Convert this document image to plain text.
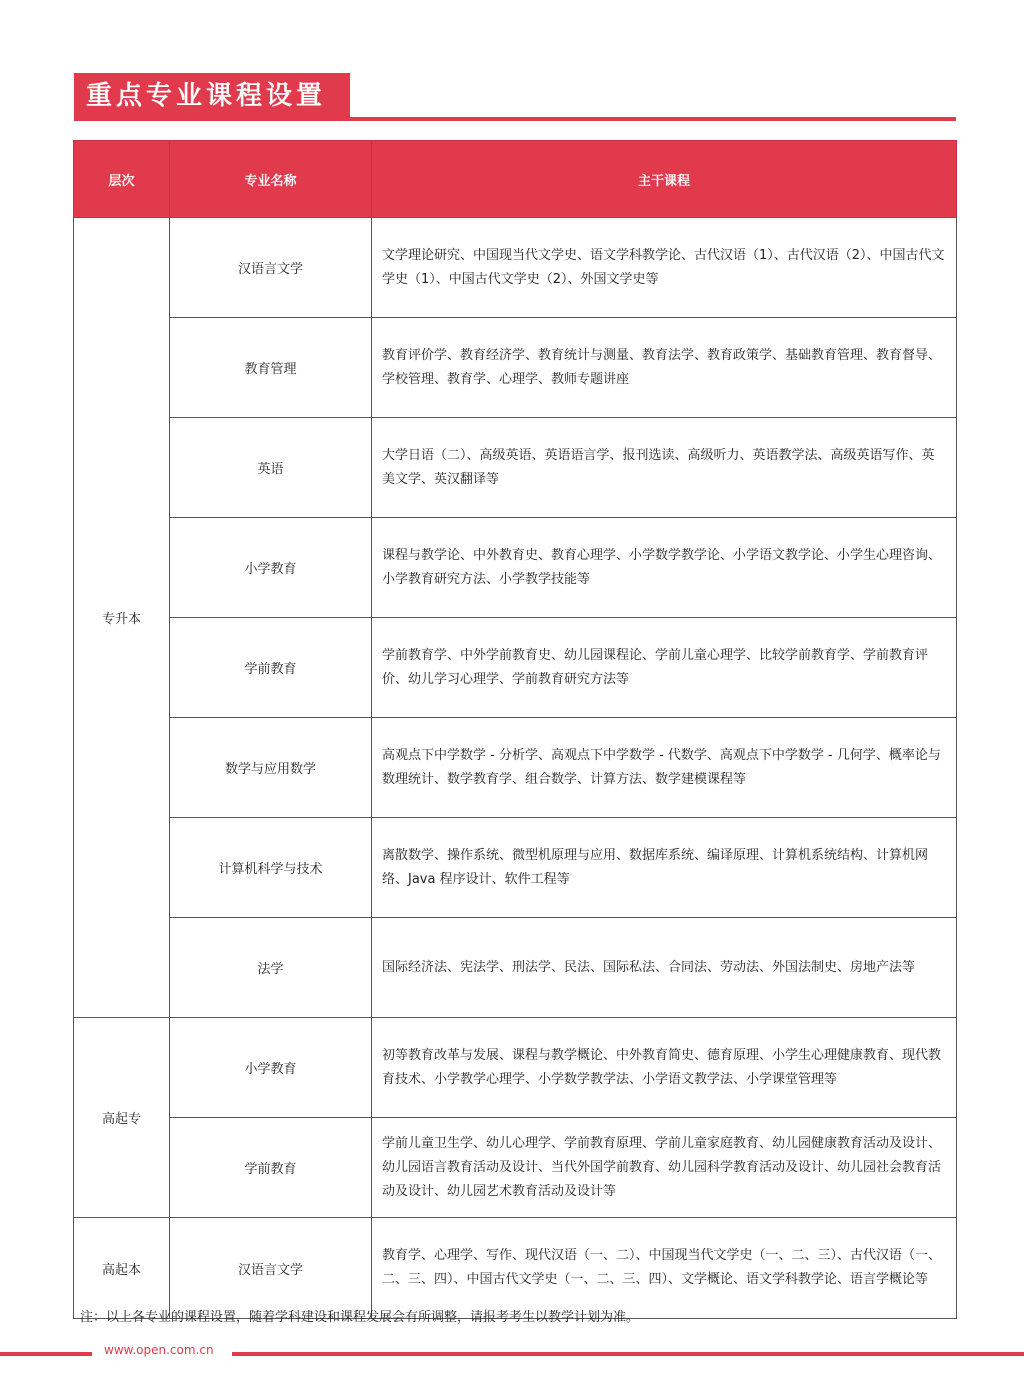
重点专业课程设置
层次	专业名称	主干课程
专升本	汉语言文学	文学理论研究、中国现当代文学史、语文学科教学论、古代汉语（1）、古代汉语（2）、中国古代文学史（1）、中国古代文学史（2）、外国文学史等
	教育管理	教育评价学、教育经济学、教育统计与测量、教育法学、教育政策学、基础教育管理、教育督导、学校管理、教育学、心理学、教师专题讲座
	英语	大学日语（二）、高级英语、英语语言学、报刊选读、高级听力、英语教学法、高级英语写作、英美文学、英汉翻译等
	小学教育	课程与教学论、中外教育史、教育心理学、小学数学教学论、小学语文教学论、小学生心理咨询、小学教育研究方法、小学教学技能等
	学前教育	学前教育学、中外学前教育史、幼儿园课程论、学前儿童心理学、比较学前教育学、学前教育评价、幼儿学习心理学、学前教育研究方法等
	数学与应用数学	高观点下中学数学 - 分析学、高观点下中学数学 - 代数学、高观点下中学数学 - 几何学、概率论与数理统计、数学教育学、组合数学、计算方法、数学建模课程等
	计算机科学与技术	离散数学、操作系统、微型机原理与应用、数据库系统、编译原理、计算机系统结构、计算机网络、Java 程序设计、软件工程等
	法学	国际经济法、宪法学、刑法学、民法、国际私法、合同法、劳动法、外国法制史、房地产法等
高起专	小学教育	初等教育改革与发展、课程与教学概论、中外教育简史、德育原理、小学生心理健康教育、现代教育技术、小学教学心理学、小学数学教学法、小学语文教学法、小学课堂管理等
	学前教育	学前儿童卫生学、幼儿心理学、学前教育原理、学前儿童家庭教育、幼儿园健康教育活动及设计、幼儿园语言教育活动及设计、当代外国学前教育、幼儿园科学教育活动及设计、幼儿园社会教育活动及设计、幼儿园艺术教育活动及设计等
高起本	汉语言文学	教育学、心理学、写作、现代汉语（一、二）、中国现当代文学史（一、二、三）、古代汉语（一、二、三、四）、中国古代文学史（一、二、三、四）、文学概论、语文学科教学论、语言学概论等
注：以上各专业的课程设置，随着学科建设和课程发展会有所调整，请报考考生以教学计划为准。
www.open.com.cn
